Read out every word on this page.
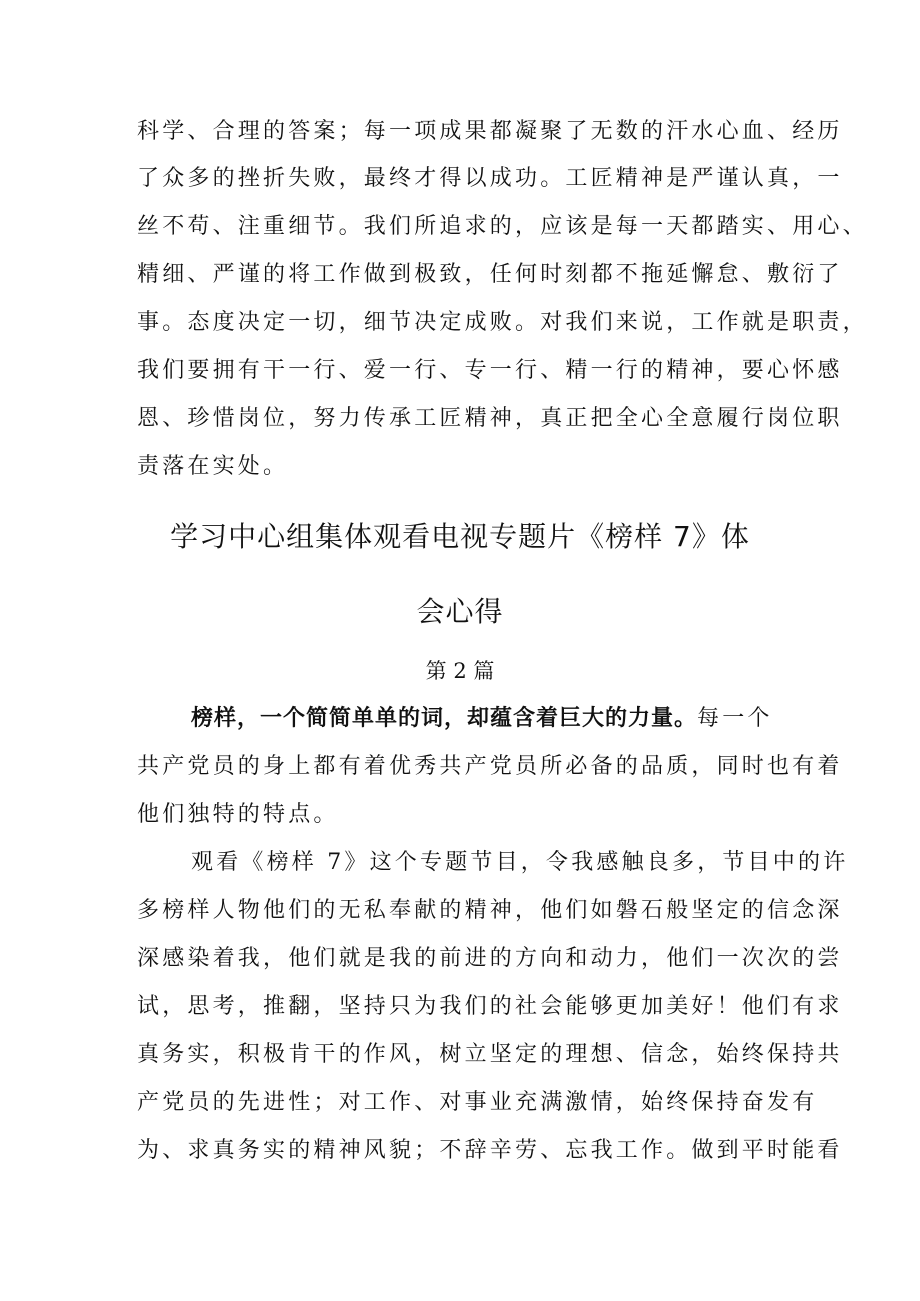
科学、合理的答案；每一项成果都凝聚了无数的汗水心血、经历
了众多的挫折失败，最终才得以成功。工匠精神是严谨认真，一
丝不苟、注重细节。我们所追求的，应该是每一天都踏实、用心、
精细、严谨的将工作做到极致，任何时刻都不拖延懈怠、敷衍了
事。态度决定一切，细节决定成败。对我们来说，工作就是职责，
我们要拥有干一行、爱一行、专一行、精一行的精神，要心怀感
恩、珍惜岗位，努力传承工匠精神，真正把全心全意履行岗位职
责落在实处。
学习中心组集体观看电视专题片《榜样 7》体
会心得
第 2 篇
榜样，一个简简单单的词，却蕴含着巨大的力量。每一个
共产党员的身上都有着优秀共产党员所必备的品质，同时也有着
他们独特的特点。
观看《榜样 7》这个专题节目，令我感触良多，节目中的许
多榜样人物他们的无私奉献的精神，他们如磐石般坚定的信念深
深感染着我，他们就是我的前进的方向和动力，他们一次次的尝
试，思考，推翻，坚持只为我们的社会能够更加美好！他们有求
真务实，积极肯干的作风，树立坚定的理想、信念，始终保持共
产党员的先进性；对工作、对事业充满激情，始终保持奋发有
为、求真务实的精神风貌；不辞辛劳、忘我工作。做到平时能看
